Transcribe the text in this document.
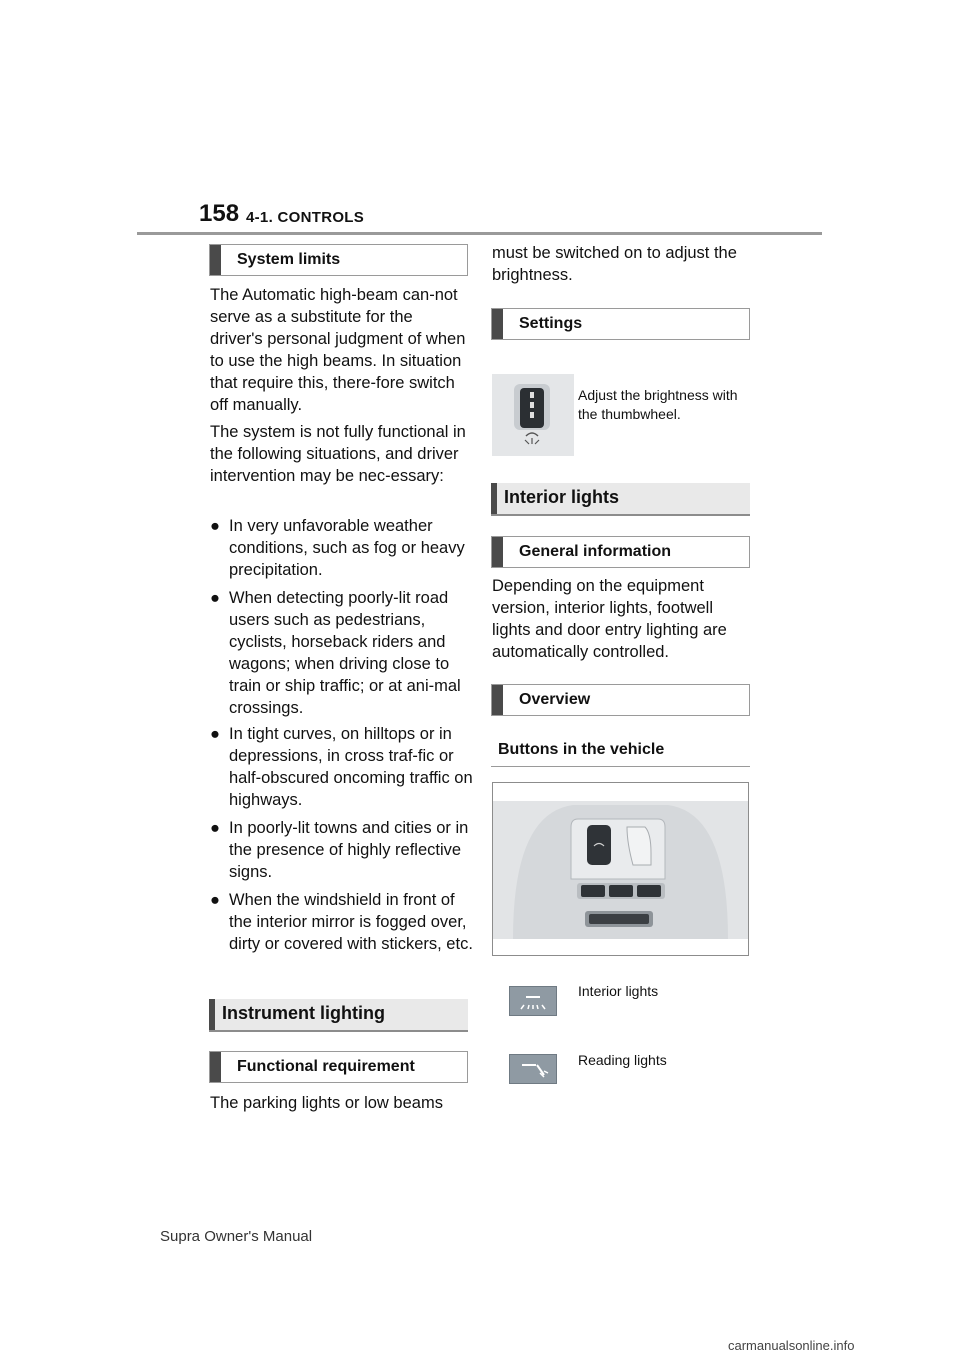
158 4-1. CONTROLS
System limits

The Automatic high-beam can-not serve as a substitute for the driver's personal judgment of when to use the high beams. In situation that require this, there-fore switch off manually.

The system is not fully functional in the following situations, and driver intervention may be nec-essary:

● In very unfavorable weather conditions, such as fog or heavy precipitation.
● When detecting poorly-lit road users such as pedestrians, cyclists, horseback riders and wagons; when driving close to train or ship traffic; or at ani-mal crossings.
● In tight curves, on hilltops or in depressions, in cross traf-fic or half-obscured oncoming traffic on highways.
● In poorly-lit towns and cities or in the presence of highly reflective signs.
● When the windshield in front of the interior mirror is fogged over, dirty or covered with stickers, etc.
Instrument lighting
Functional requirement

The parking lights or low beams

must be switched on to adjust the brightness.

Settings
Adjust the brightness with the thumbwheel.
Interior lights
General information

Depending on the equipment version, interior lights, footwell lights and door entry lighting are automatically controlled.

Overview
Buttons in the vehicle
Interior lights
Reading lights
Supra Owner's Manual
carmanualsonline.info
